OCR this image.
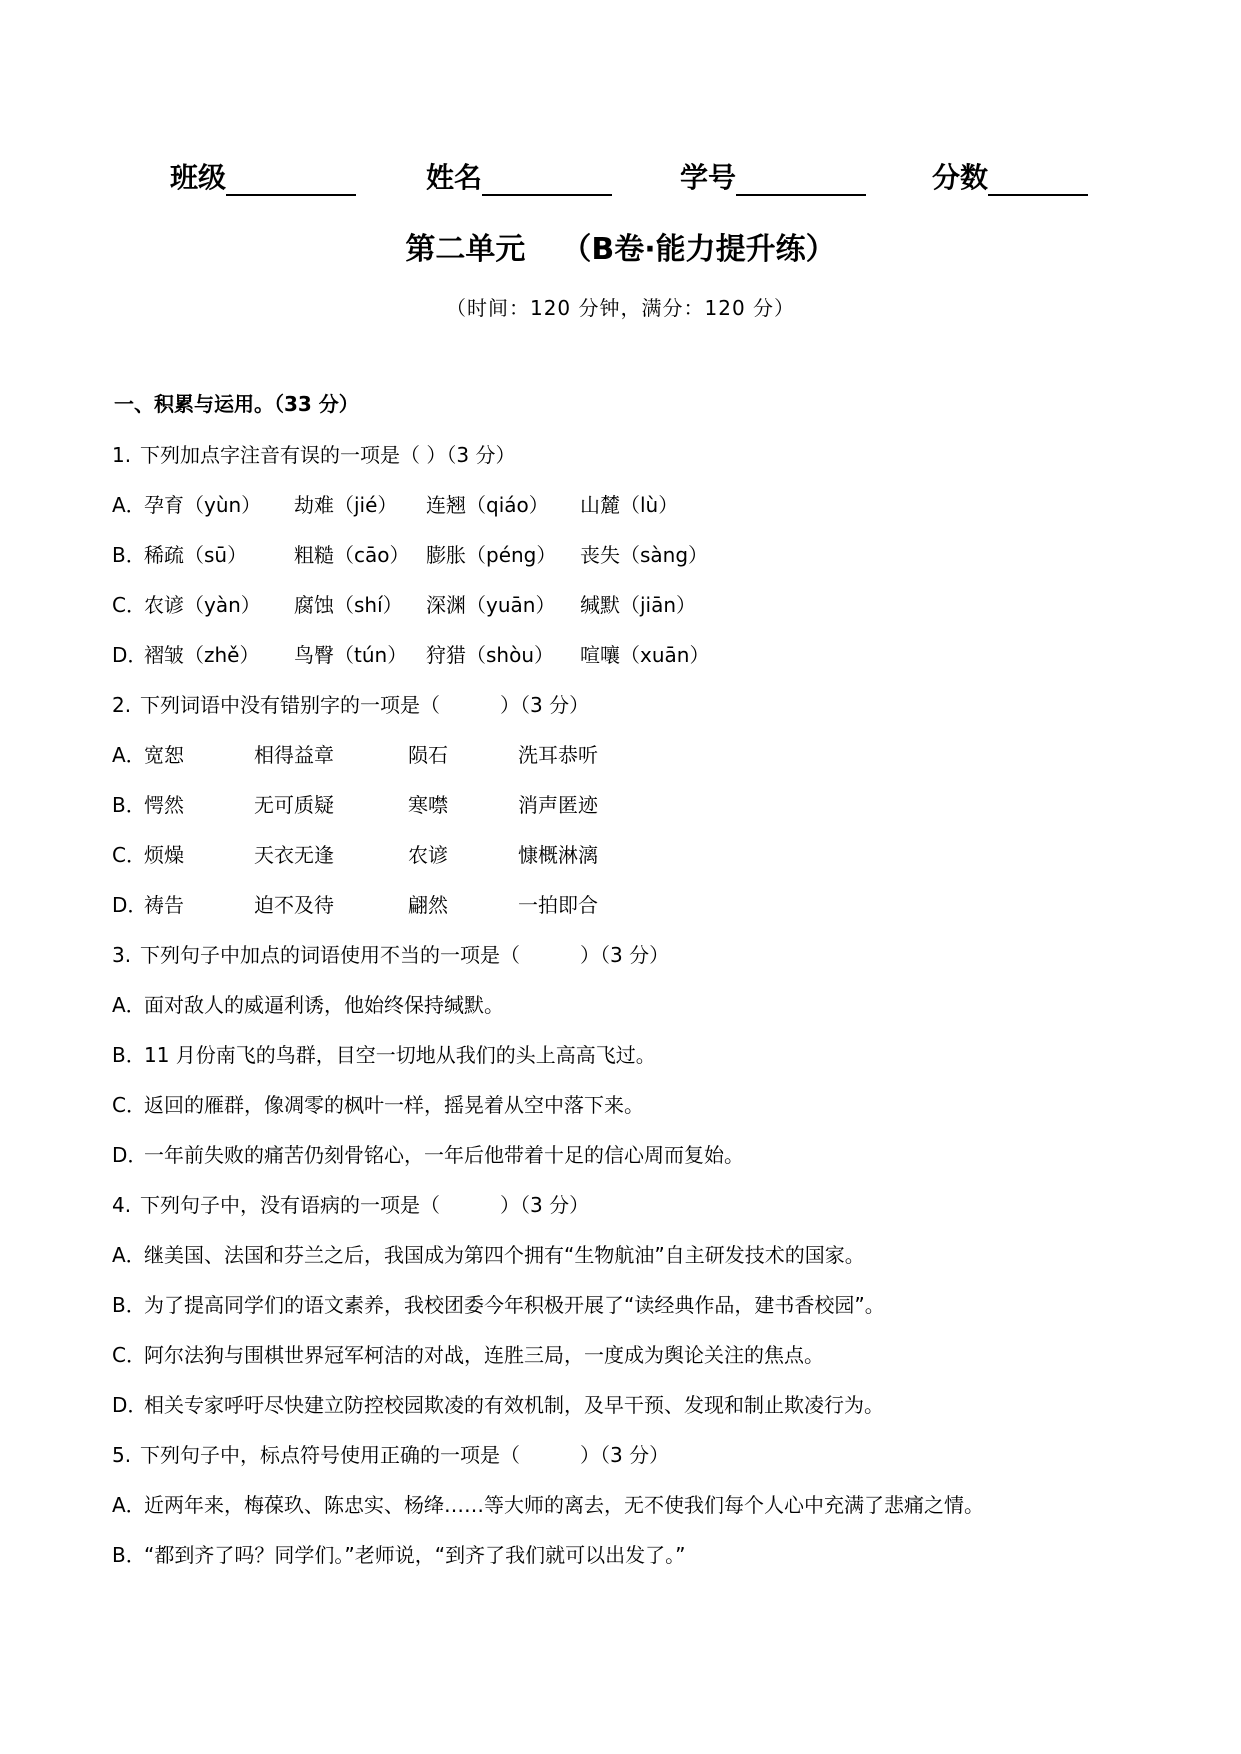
班级	姓名	学号	分数
第二单元 （B卷·能力提升练）
（时间：120 分钟，满分：120 分）
一、积累与运用。（33 分）
1. 下列加点字注音有误的一项是（ ）（3 分）
A．孕育（yùn） 劫难（jié） 连翘（qiáo） 山麓（lù）
B．稀疏（sū） 粗糙（cāo） 膨胀（péng） 丧失（sàng）
C．农谚（yàn） 腐蚀（shí） 深渊（yuān） 缄默（jiān）
D．褶皱（zhě） 鸟臀（tún） 狩猎（shòu） 喧嚷（xuān）
2. 下列词语中没有错别字的一项是（　　　）（3 分）
A．宽恕	相得益章	陨石	洗耳恭听
B．愕然	无可质疑	寒噤	消声匿迹
C．烦燥	天衣无逢	农谚	慷概淋漓
D．祷告	迫不及待	翩然	一拍即合
3. 下列句子中加点的词语使用不当的一项是（　　　）（3 分）
A．面对敌人的威逼利诱，他始终保持缄默。
B．11 月份南飞的鸟群，目空一切地从我们的头上高高飞过。
C．返回的雁群，像凋零的枫叶一样，摇晃着从空中落下来。
D．一年前失败的痛苦仍刻骨铭心，一年后他带着十足的信心周而复始。
4. 下列句子中，没有语病的一项是（　　　）（3 分）
A．继美国、法国和芬兰之后，我国成为第四个拥有“生物航油”自主研发技术的国家。
B．为了提高同学们的语文素养，我校团委今年积极开展了“读经典作品，建书香校园”。
C．阿尔法狗与围棋世界冠军柯洁的对战，连胜三局，一度成为舆论关注的焦点。
D．相关专家呼吁尽快建立防控校园欺凌的有效机制，及早干预、发现和制止欺凌行为。
5. 下列句子中，标点符号使用正确的一项是（　　　）（3 分）
A．近两年来，梅葆玖、陈忠实、杨绛……等大师的离去，无不使我们每个人心中充满了悲痛之情。
B．“都到齐了吗？同学们。”老师说，“到齐了我们就可以出发了。”
